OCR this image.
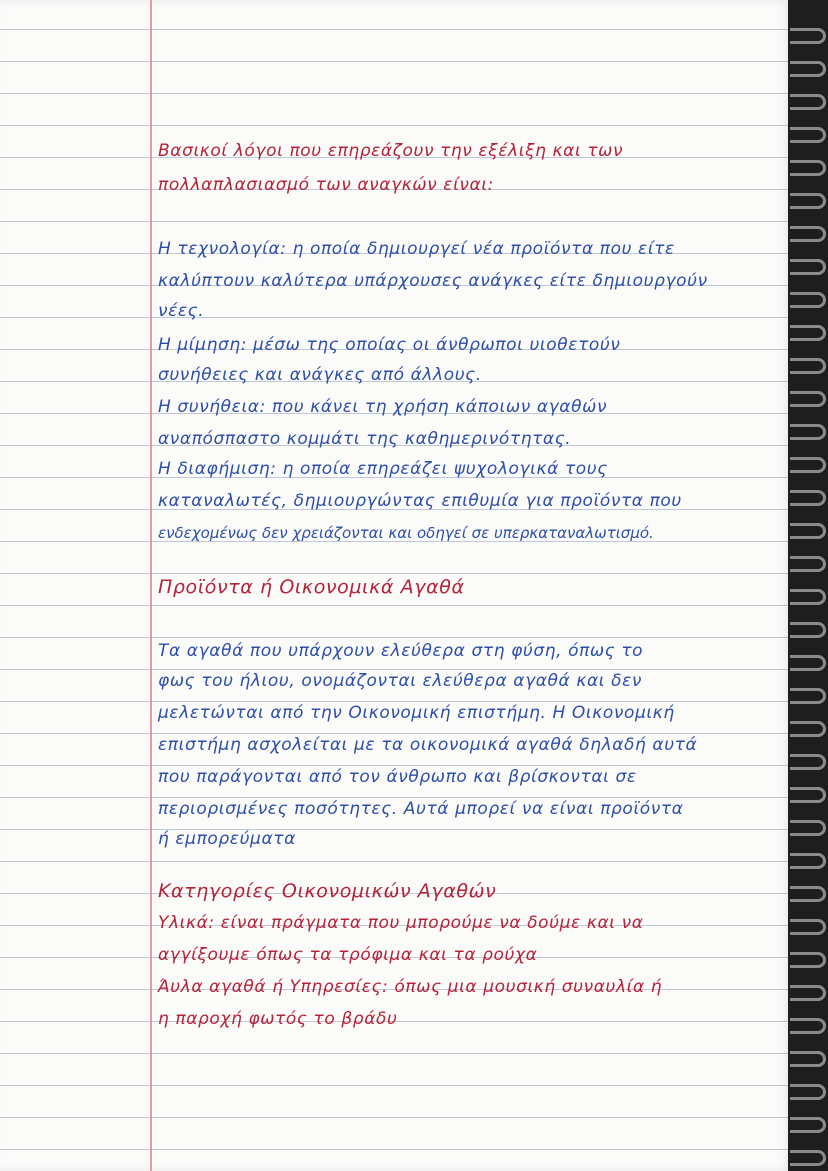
Βασικοί λόγοι που επηρεάζουν την εξέλιξη και των
πολλαπλασιασμό των αναγκών είναι:
Η τεχνολογία: η οποία δημιουργεί νέα προϊόντα που είτε
καλύπτουν καλύτερα υπάρχουσες ανάγκες είτε δημιουργούν
νέες.
Η μίμηση: μέσω της οποίας οι άνθρωποι υιοθετούν
συνήθειες και ανάγκες από άλλους.
Η συνήθεια: που κάνει τη χρήση κάποιων αγαθών
αναπόσπαστο κομμάτι της καθημερινότητας.
Η διαφήμιση: η οποία επηρεάζει ψυχολογικά τους
καταναλωτές, δημιουργώντας επιθυμία για προϊόντα που
ενδεχομένως δεν χρειάζονται και οδηγεί σε υπερκαταναλωτισμό.
Προϊόντα ή Οικονομικά Αγαθά
Τα αγαθά που υπάρχουν ελεύθερα στη φύση, όπως το
φως του ήλιου, ονομάζονται ελεύθερα αγαθά και δεν
μελετώνται από την Οικονομική επιστήμη. Η Οικονομική
επιστήμη ασχολείται με τα οικονομικά αγαθά δηλαδή αυτά
που παράγονται από τον άνθρωπο και βρίσκονται σε
περιορισμένες ποσότητες. Αυτά μπορεί να είναι προϊόντα
ή εμπορεύματα
Κατηγορίες Οικονομικών Αγαθών
Υλικά: είναι πράγματα που μπορούμε να δούμε και να
αγγίξουμε όπως τα τρόφιμα και τα ρούχα
Άυλα αγαθά ή Υπηρεσίες: όπως μια μουσική συναυλία ή
η παροχή φωτός το βράδυ
